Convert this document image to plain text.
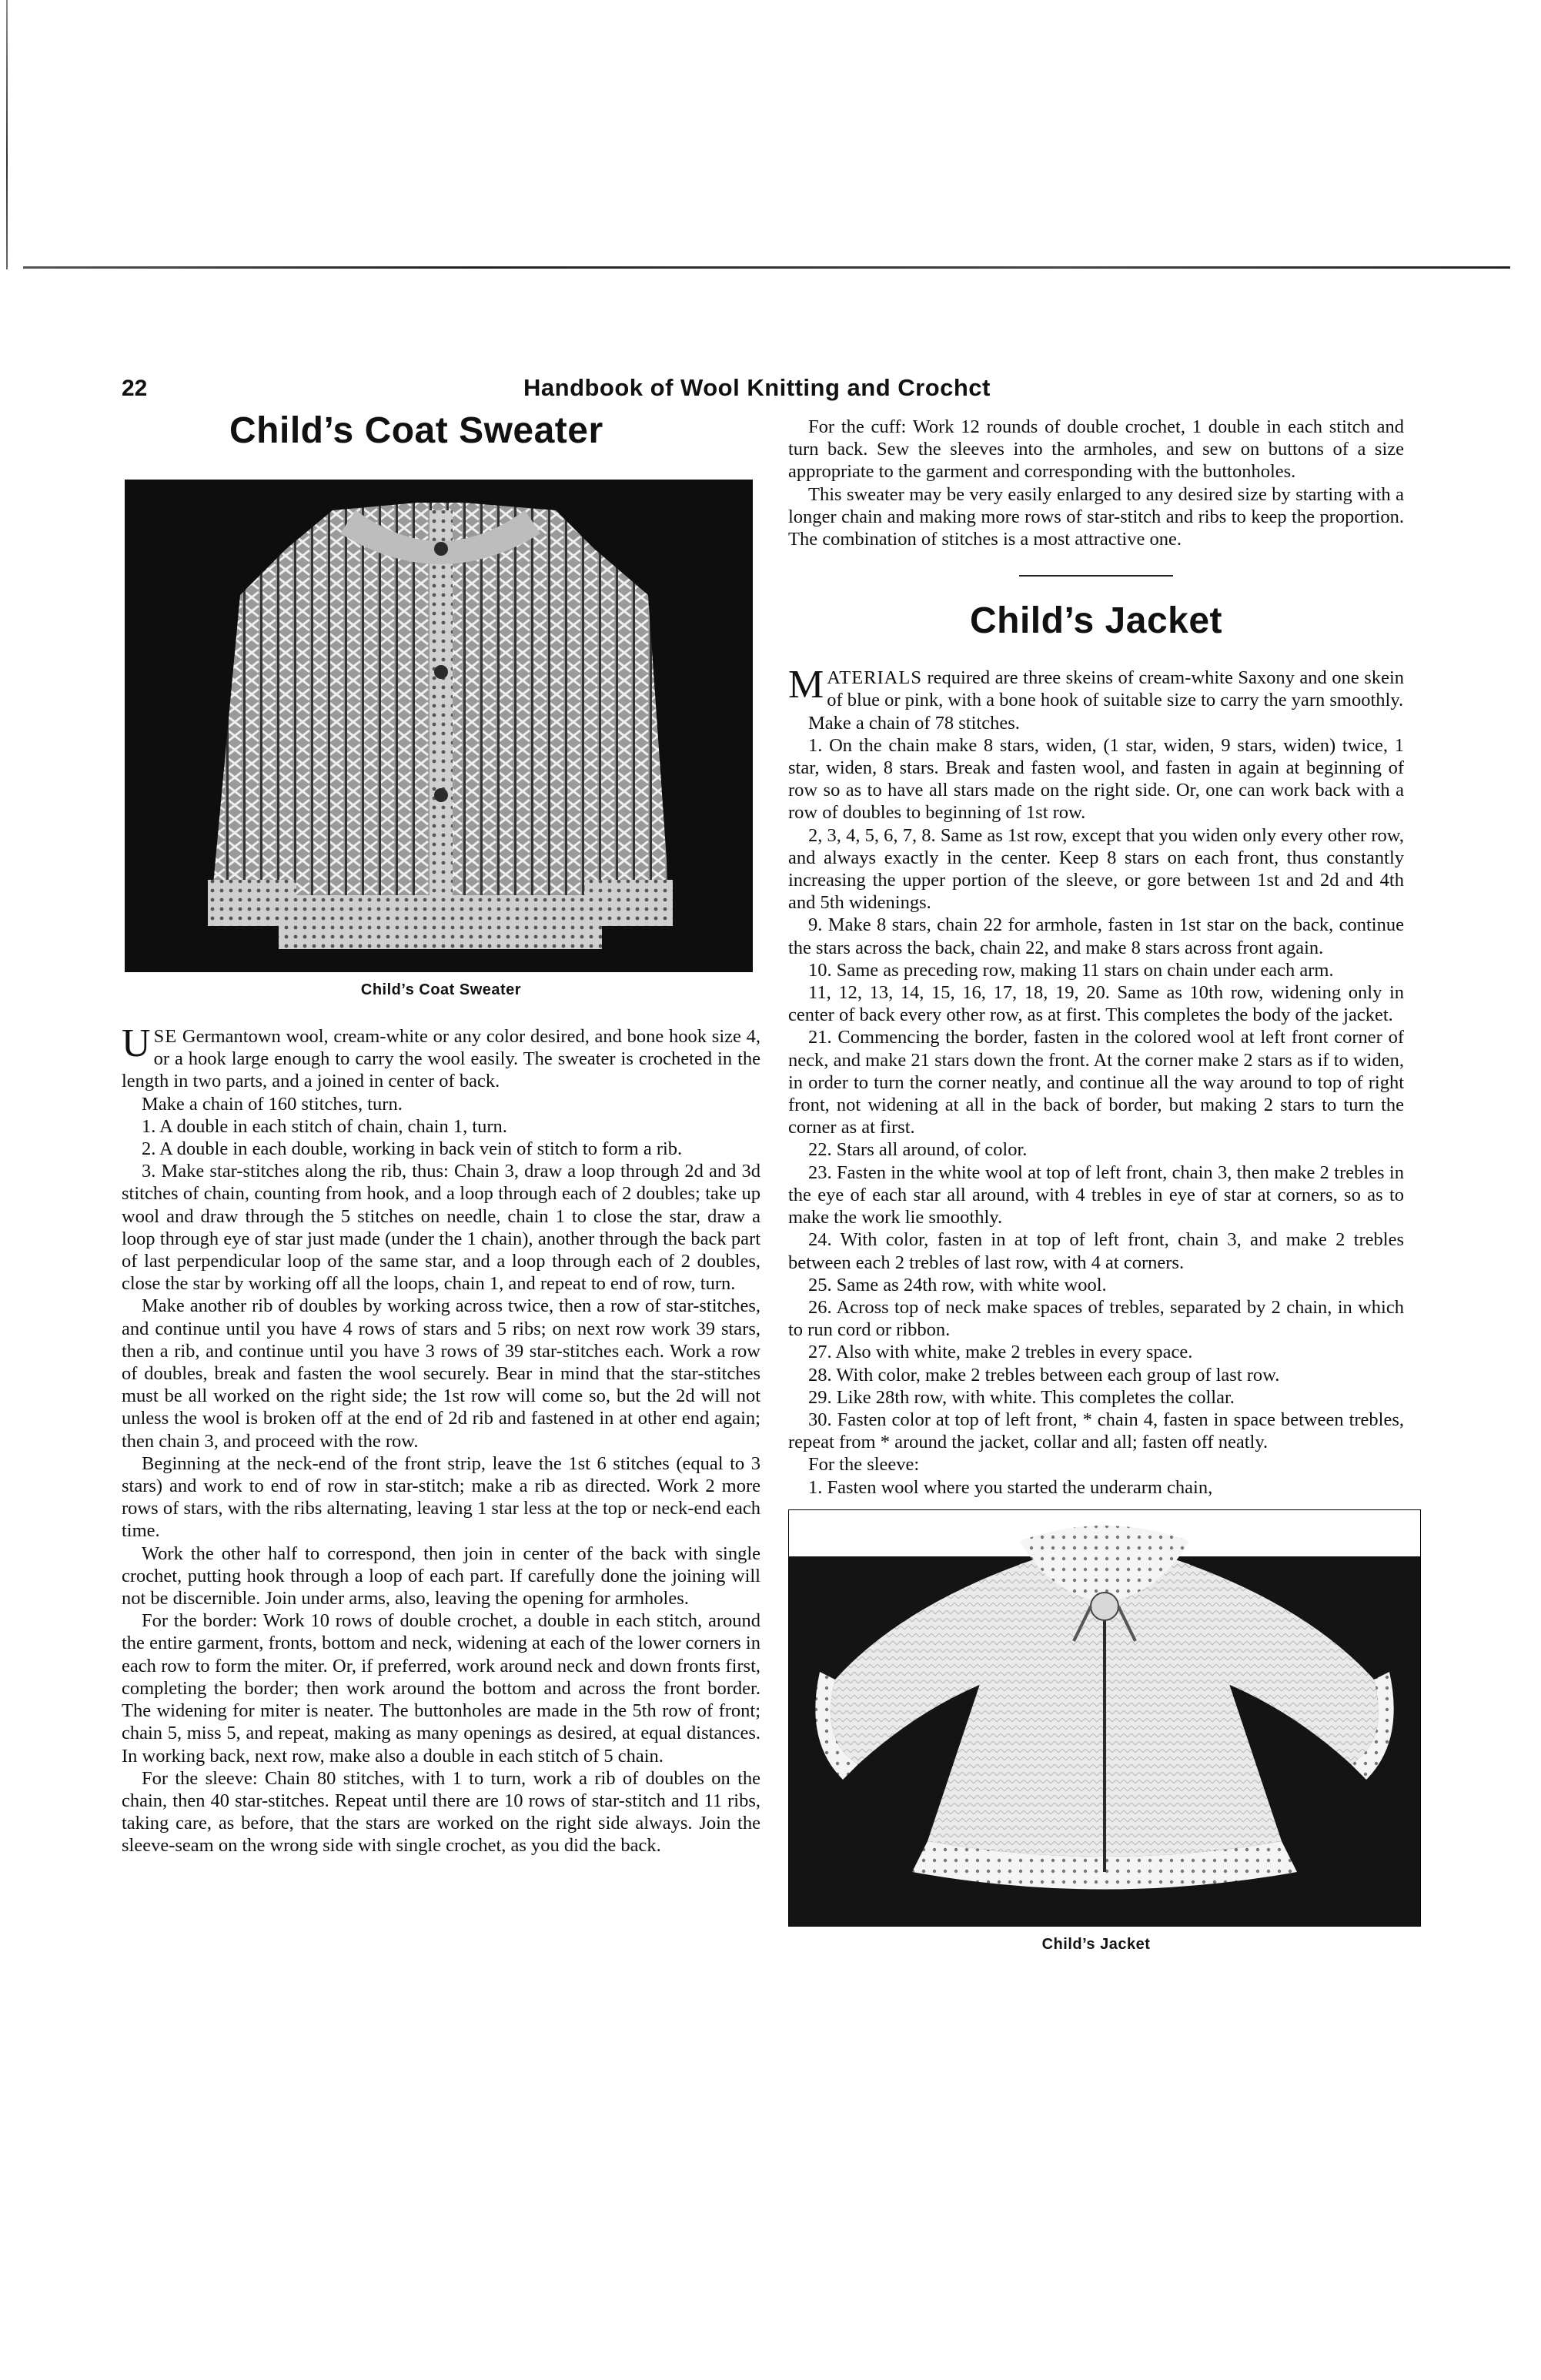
22	Handbook of Wool Knitting and Crochct
Child’s Coat Sweater
Child’s Coat Sweater

USE Germantown wool, cream-white or any color desired, and bone hook size 4, or a hook large enough to carry the wool easily. The sweater is crocheted in the length in two parts, and a joined in center of back.

Make a chain of 160 stitches, turn.

1. A double in each stitch of chain, chain 1, turn.

2. A double in each double, working in back vein of stitch to form a rib.

3. Make star-stitches along the rib, thus: Chain 3, draw a loop through 2d and 3d stitches of chain, counting from hook, and a loop through each of 2 doubles; take up wool and draw through the 5 stitches on needle, chain 1 to close the star, draw a loop through eye of star just made (under the 1 chain), another through the back part of last perpendicular loop of the same star, and a loop through each of 2 doubles, close the star by working off all the loops, chain 1, and repeat to end of row, turn.

Make another rib of doubles by working across twice, then a row of star-stitches, and continue until you have 4 rows of stars and 5 ribs; on next row work 39 stars, then a rib, and continue until you have 3 rows of 39 star-stitches each. Work a row of doubles, break and fasten the wool securely. Bear in mind that the star-stitches must be all worked on the right side; the 1st row will come so, but the 2d will not unless the wool is broken off at the end of 2d rib and fastened in at other end again; then chain 3, and proceed with the row.

Beginning at the neck-end of the front strip, leave the 1st 6 stitches (equal to 3 stars) and work to end of row in star-stitch; make a rib as directed. Work 2 more rows of stars, with the ribs alternating, leaving 1 star less at the top or neck-end each time.

Work the other half to correspond, then join in center of the back with single crochet, putting hook through a loop of each part. If carefully done the joining will not be discernible. Join under arms, also, leaving the opening for armholes.

For the border: Work 10 rows of double crochet, a double in each stitch, around the entire garment, fronts, bottom and neck, widening at each of the lower corners in each row to form the miter. Or, if preferred, work around neck and down fronts first, completing the border; then work around the bottom and across the front border. The widening for miter is neater. The buttonholes are made in the 5th row of front; chain 5, miss 5, and repeat, making as many openings as desired, at equal distances. In working back, next row, make also a double in each stitch of 5 chain.

For the sleeve: Chain 80 stitches, with 1 to turn, work a rib of doubles on the chain, then 40 star-stitches. Repeat until there are 10 rows of star-stitch and 11 ribs, taking care, as before, that the stars are worked on the right side always. Join the sleeve-seam on the wrong side with single crochet, as you did the back.

For the cuff: Work 12 rounds of double crochet, 1 double in each stitch and turn back. Sew the sleeves into the armholes, and sew on buttons of a size appropriate to the garment and corresponding with the buttonholes.

This sweater may be very easily enlarged to any desired size by starting with a longer chain and making more rows of star-stitch and ribs to keep the proportion. The combination of stitches is a most attractive one.

Child’s Jacket

MATERIALS required are three skeins of cream-white Saxony and one skein of blue or pink, with a bone hook of suitable size to carry the yarn smoothly.

Make a chain of 78 stitches.

1. On the chain make 8 stars, widen, (1 star, widen, 9 stars, widen) twice, 1 star, widen, 8 stars. Break and fasten wool, and fasten in again at beginning of row so as to have all stars made on the right side. Or, one can work back with a row of doubles to beginning of 1st row.

2, 3, 4, 5, 6, 7, 8. Same as 1st row, except that you widen only every other row, and always exactly in the center. Keep 8 stars on each front, thus constantly increasing the upper portion of the sleeve, or gore between 1st and 2d and 4th and 5th widenings.

9. Make 8 stars, chain 22 for armhole, fasten in 1st star on the back, continue the stars across the back, chain 22, and make 8 stars across front again.

10. Same as preceding row, making 11 stars on chain under each arm.

11, 12, 13, 14, 15, 16, 17, 18, 19, 20. Same as 10th row, widening only in center of back every other row, as at first. This completes the body of the jacket.

21. Commencing the border, fasten in the colored wool at left front corner of neck, and make 21 stars down the front. At the corner make 2 stars as if to widen, in order to turn the corner neatly, and continue all the way around to top of right front, not widening at all in the back of border, but making 2 stars to turn the corner as at first.

22. Stars all around, of color.

23. Fasten in the white wool at top of left front, chain 3, then make 2 trebles in the eye of each star all around, with 4 trebles in eye of star at corners, so as to make the work lie smoothly.

24. With color, fasten in at top of left front, chain 3, and make 2 trebles between each 2 trebles of last row, with 4 at corners.

25. Same as 24th row, with white wool.

26. Across top of neck make spaces of trebles, separated by 2 chain, in which to run cord or ribbon.

27. Also with white, make 2 trebles in every space.

28. With color, make 2 trebles between each group of last row.

29. Like 28th row, with white. This completes the collar.

30. Fasten color at top of left front, * chain 4, fasten in space between trebles, repeat from * around the jacket, collar and all; fasten off neatly.

For the sleeve:

1. Fasten wool where you started the underarm chain,

Child’s Jacket
